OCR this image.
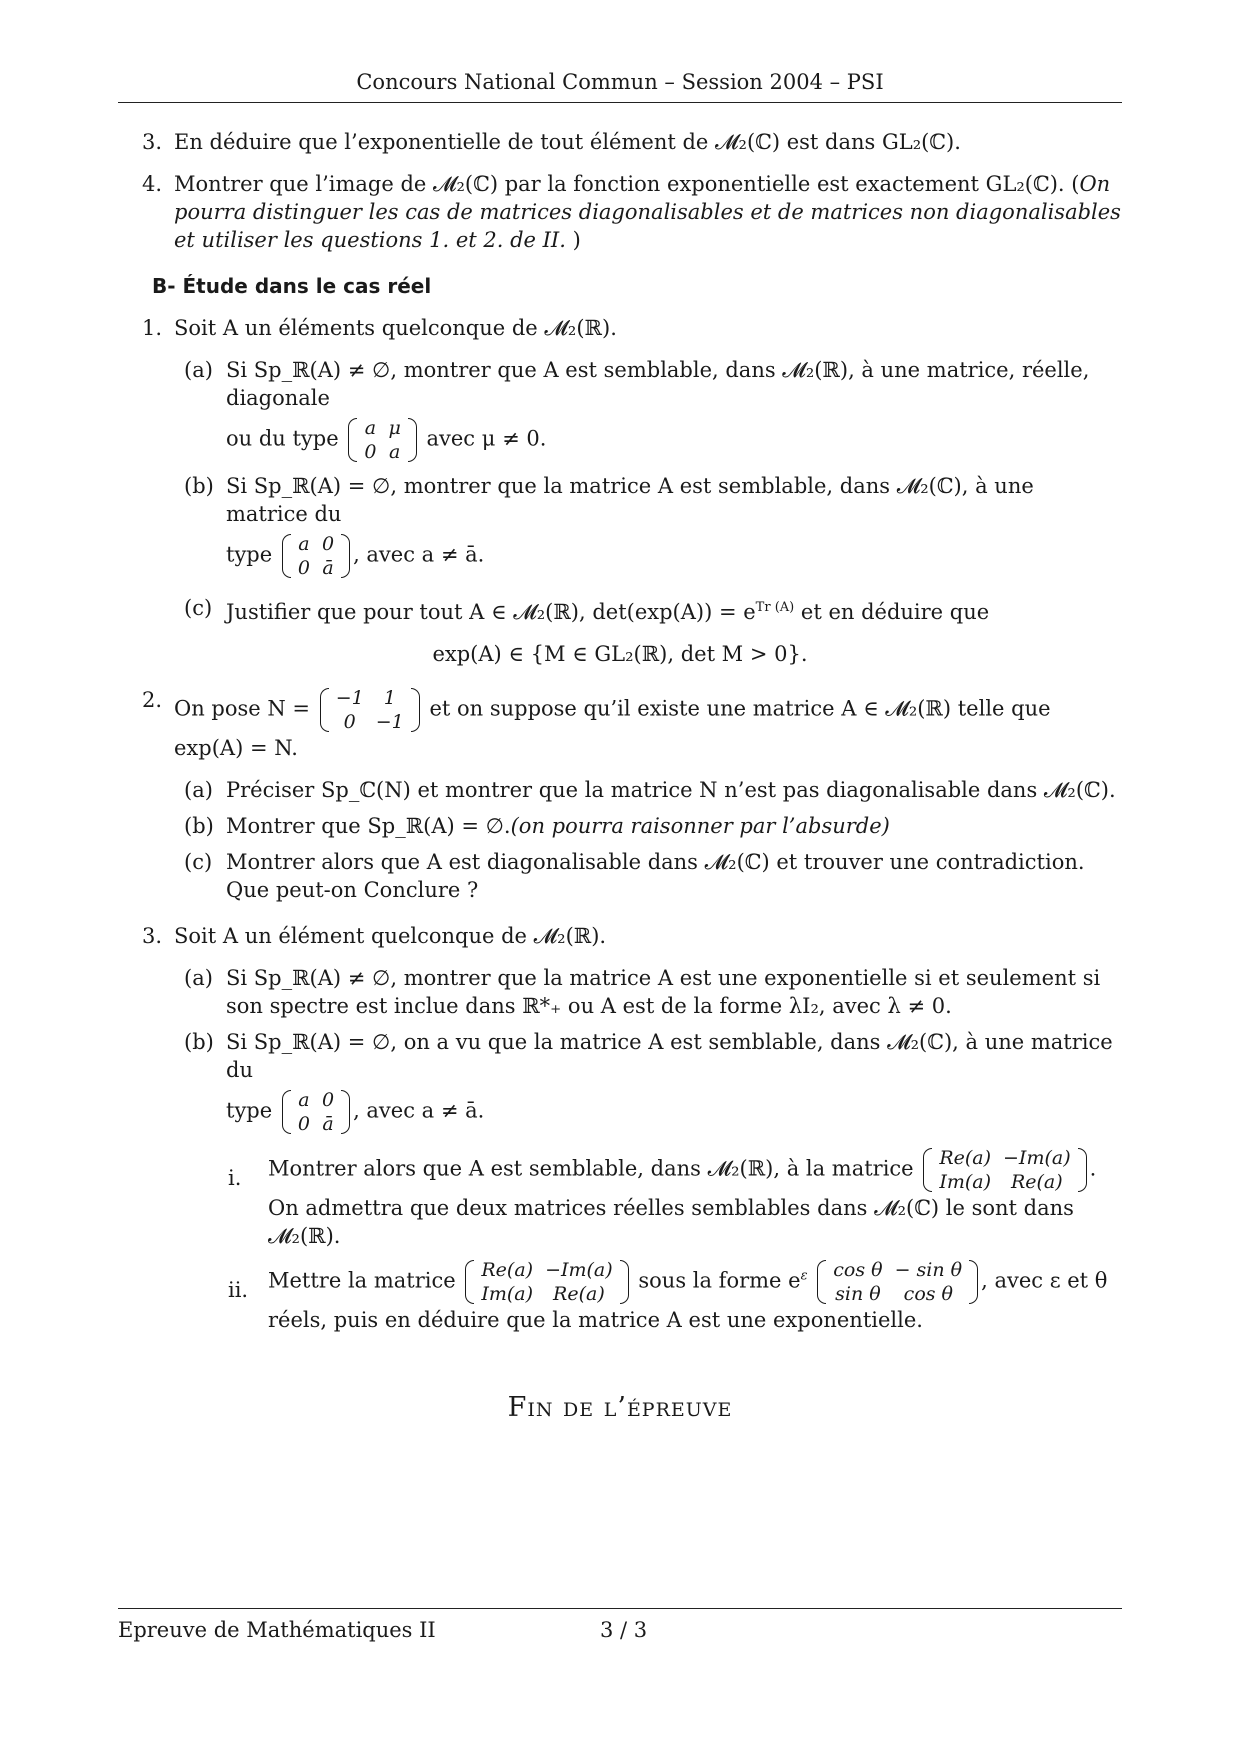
Concours National Commun – Session 2004 – PSI
3. En déduire que l’exponentielle de tout élément de 𝓜₂(ℂ) est dans GL₂(ℂ).
4. Montrer que l’image de 𝓜₂(ℂ) par la fonction exponentielle est exactement GL₂(ℂ). (On pourra distinguer les cas de matrices diagonalisables et de matrices non diagonalisables et utiliser les questions 1. et 2. de II. )
B- Étude dans le cas réel
1. Soit A un éléments quelconque de 𝓜₂(ℝ).
(a) Si Sp_ℝ(A) ≠ ∅, montrer que A est semblable, dans 𝓜₂(ℝ), à une matrice, réelle, diagonale
ou du type a	μ
0	a
avec μ ≠ 0.
(b) Si Sp_ℝ(A) = ∅, montrer que la matrice A est semblable, dans 𝓜₂(ℂ), à une matrice du
type a	0
0	ā
, avec a ≠ ā.
(c) Justifier que pour tout A ∈ 𝓜₂(ℝ), $\det(\exp(A)) = e^{Tr (A)}$ et en déduire que
exp(A) ∈ {M ∈ GL₂(ℝ), det M > 0}.
2. On pose N = −1	1
0	−1
et on suppose qu’il existe une matrice A ∈ 𝓜₂(ℝ) telle que
exp(A) = N.
(a) Préciser Sp_ℂ(N) et montrer que la matrice N n’est pas diagonalisable dans 𝓜₂(ℂ).
(b) Montrer que Sp_ℝ(A) = ∅.(on pourra raisonner par l’absurde)
(c) Montrer alors que A est diagonalisable dans 𝓜₂(ℂ) et trouver une contradiction. Que peut-on Conclure ?
3. Soit A un élément quelconque de 𝓜₂(ℝ).
(a) Si Sp_ℝ(A) ≠ ∅, montrer que la matrice A est une exponentielle si et seulement si son spectre est inclue dans ℝ*₊ ou A est de la forme λI₂, avec λ ≠ 0.
(b) Si Sp_ℝ(A) = ∅, on a vu que la matrice A est semblable, dans 𝓜₂(ℂ), à une matrice du
type a	0
0	ā
, avec a ≠ ā.
i. Montrer alors que A est semblable, dans 𝓜₂(ℝ), à la matrice Re(a)	−Im(a)
Im(a)	Re(a)
.
On admettra que deux matrices réelles semblables dans 𝓜₂(ℂ) le sont dans 𝓜₂(ℝ).
ii. Mettre la matrice Re(a)	−Im(a)
Im(a)	Re(a)
sous la forme $e^\varepsilon$ cos θ	− sin θ
sin θ	cos θ
, avec ε et θ
réels, puis en déduire que la matrice A est une exponentielle.
Fin de l’épreuve
Epreuve de Mathématiques II	3 / 3
